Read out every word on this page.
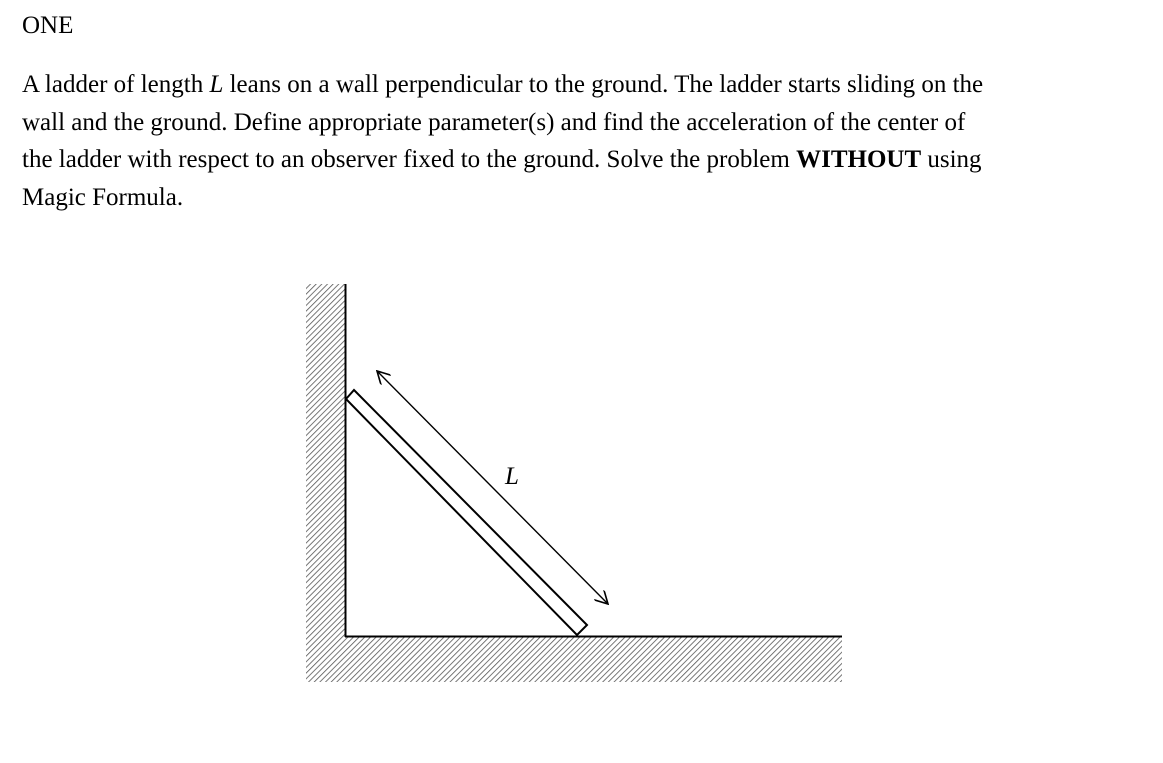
ONE
A ladder of length L leans on a wall perpendicular to the ground. The ladder starts sliding on the
wall and the ground. Define appropriate parameter(s) and find the acceleration of the center of
the ladder with respect to an observer fixed to the ground. Solve the problem WITHOUT using
Magic Formula.
L
